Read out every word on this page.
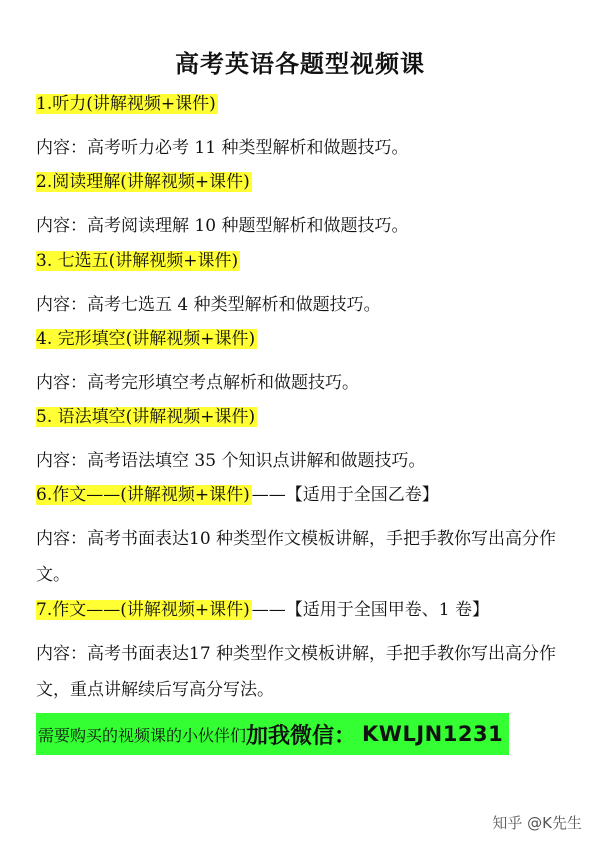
高考英语各题型视频课
1.听力(讲解视频+课件)
内容：高考听力必考 11 种类型解析和做题技巧。
2.阅读理解(讲解视频+课件)
内容：高考阅读理解 10 种题型解析和做题技巧。
3. 七选五(讲解视频+课件)
内容：高考七选五 4 种类型解析和做题技巧。
4. 完形填空(讲解视频+课件)
内容：高考完形填空考点解析和做题技巧。
5. 语法填空(讲解视频+课件)
内容：高考语法填空 35 个知识点讲解和做题技巧。
6.作文——(讲解视频+课件) ——【适用于全国乙卷】
内容：高考书面表达10 种类型作文模板讲解，手把手教你写出高分作文。
7.作文——(讲解视频+课件) ——【适用于全国甲卷、1 卷】
内容：高考书面表达17 种类型作文模板讲解，手把手教你写出高分作文，重点讲解续后写高分写法。
需要购买的视频课的小伙伴们 加我微信： KWLJN1231
知乎 @K先生
